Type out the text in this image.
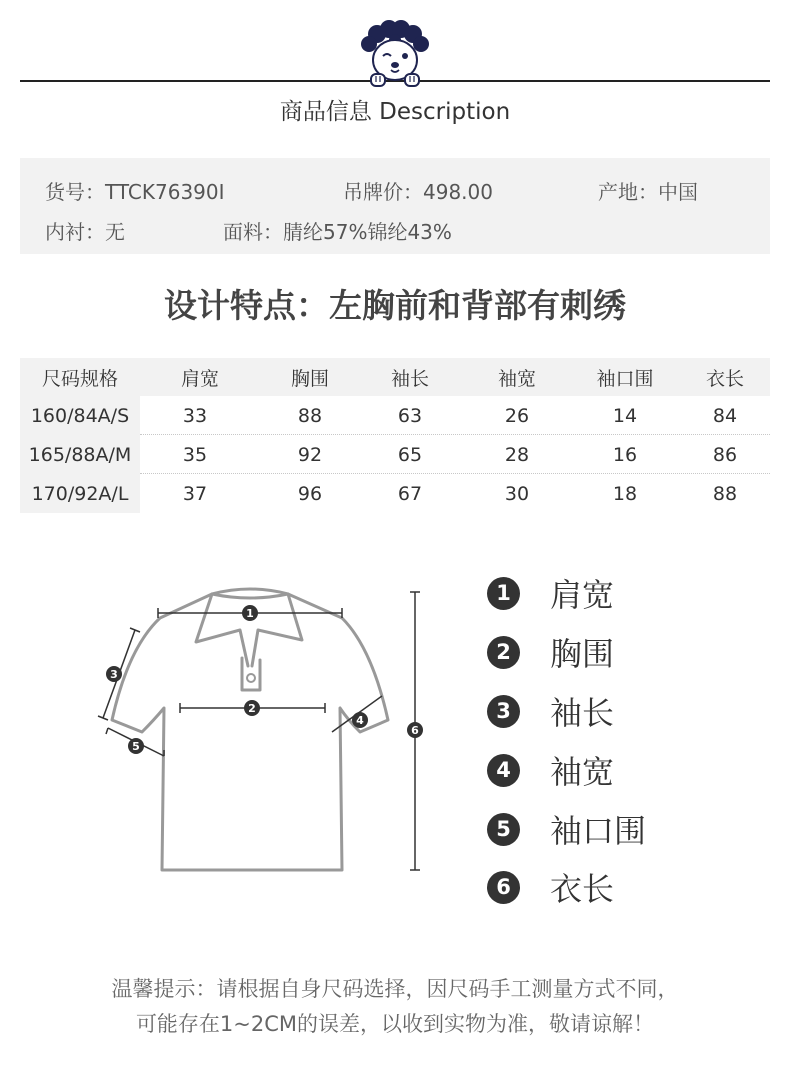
商品信息 Description
货号：TTCK76390I	吊牌价：498.00	产地：中国
内衬：无	面料：腈纶57%锦纶43%
设计特点：左胸前和背部有刺绣
尺码规格	肩宽	胸围	袖长	袖宽	袖口围	衣长
160/84A/S	33	88	63	26	14	84
165/88A/M	35	92	65	28	16	86
170/92A/L	37	96	67	30	18	88
1
2
3
4
5
6
1 肩宽
2 胸围
3 袖长
4 袖宽
5 袖口围
6 衣长
温馨提示：请根据自身尺码选择，因尺码手工测量方式不同，
可能存在1~2CM的误差，以收到实物为准，敬请谅解！
